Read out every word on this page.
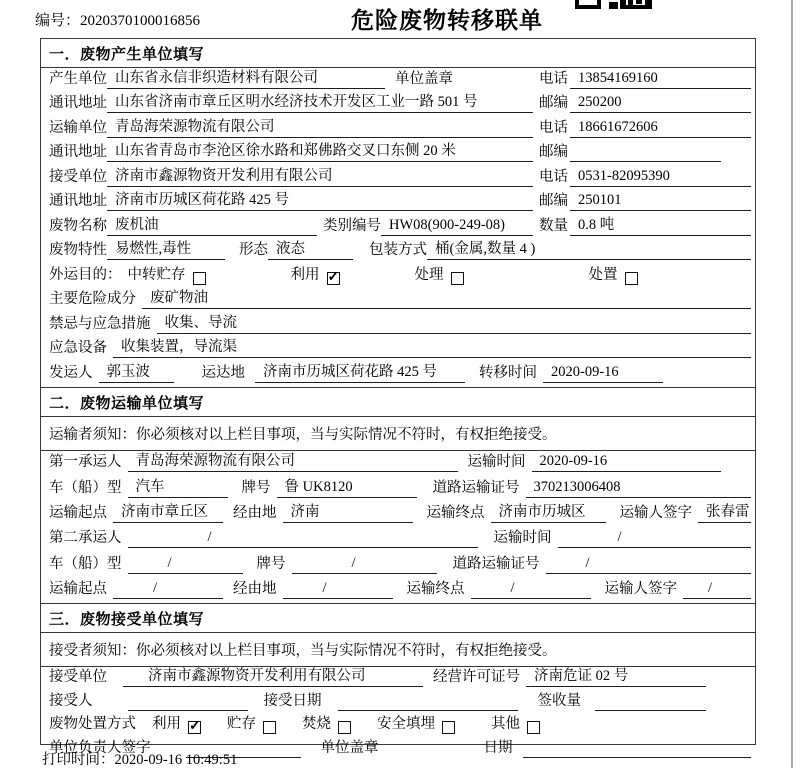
编号：2020370100016856	危险废物转移联单
一．废物产生单位填写
产生单位 山东省永信非织造材料有限公司	单位盖章	电话 13854169160
通讯地址 山东省济南市章丘区明水经济技术开发区工业一路 501 号	邮编 250200
运输单位 青岛海荣源物流有限公司	电话 18661672606
通讯地址 山东省青岛市李沧区徐水路和郑佛路交叉口东侧 20 米	邮编
接受单位 济南市鑫源物资开发利用有限公司	电话 0531-82095390
通讯地址 济南市历城区荷花路 425 号	邮编 250101
废物名称 废机油	类别编号 HW08(900-249-08)	数量 0.8 吨
废物特性 易燃性,毒性	形态 液态	包装方式 桶(金属,数量 4 )
外运目的： 中转贮存	利用 ✓	处理	处置
主要危险成分 废矿物油
禁忌与应急措施 收集、导流
应急设备 收集装置，导流渠
发运人 郭玉波	运达地	济南市历城区荷花路 425 号	转移时间 2020-09-16
二．废物运输单位填写
运输者须知：你必须核对以上栏目事项，当与实际情况不符时，有权拒绝接受。
第一承运人 青岛海荣源物流有限公司	运输时间 2020-09-16
车（船）型 汽车	牌号 鲁 UK8120	道路运输证号 370213006408
运输起点 济南市章丘区	经由地 济南	运输终点 济南市历城区	运输人签字 张春雷
第二承运人	/	运输时间	/
车（船）型	/	牌号	/	道路运输证号	/
运输起点	/	经由地	/	运输终点	/	运输人签字	/
三．废物接受单位填写
接受者须知：你必须核对以上栏目事项，当与实际情况不符时，有权拒绝接受。
接受单位	济南市鑫源物资开发利用有限公司	经营许可证号 济南危证 02 号
接受人	接受日期	签收量
废物处置方式 利用 ✓	贮存	焚烧	安全填埋	其他
单位负责人签字	单位盖章	日期
打印时间：2020-09-16 10:49:51
